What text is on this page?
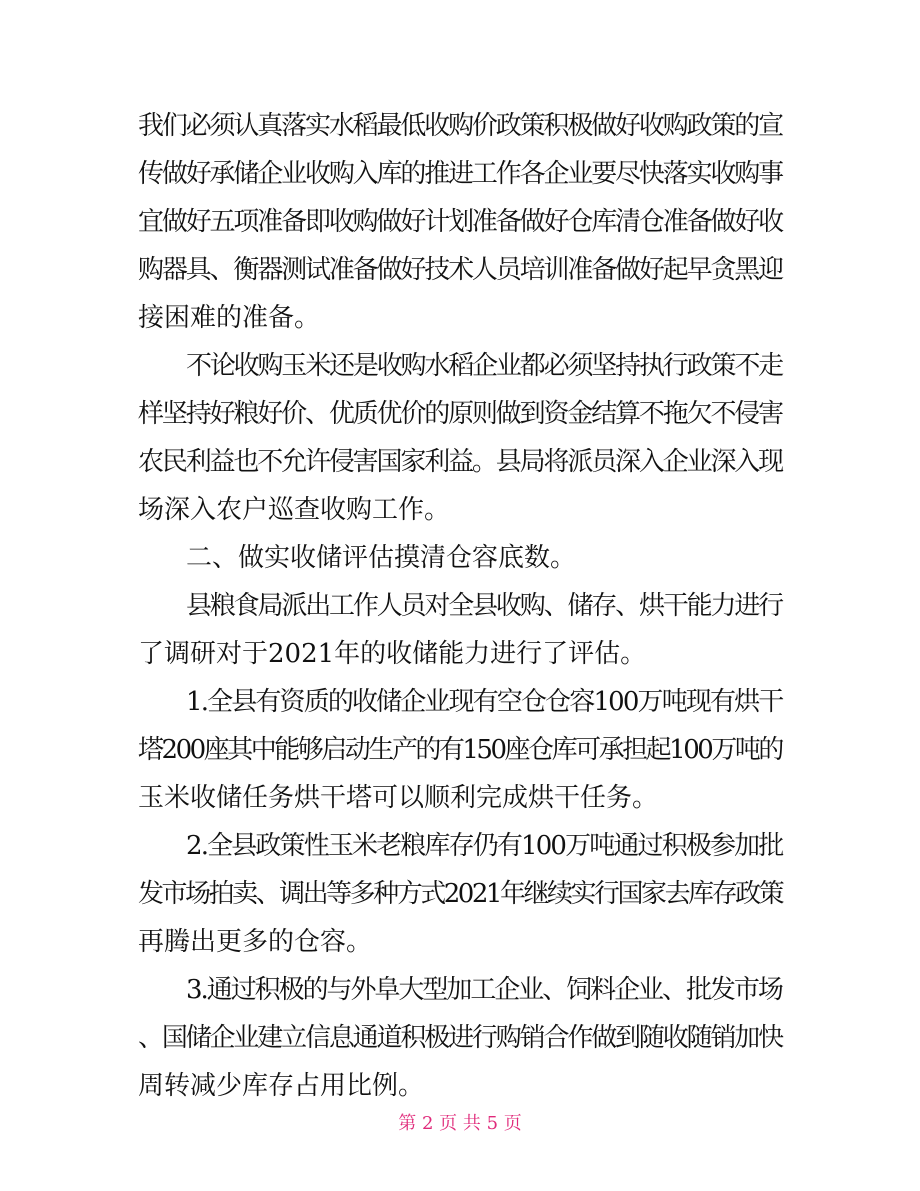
我们必须认真落实水稻最低收购价政策积极做好收购政策的宣
传做好承储企业收购入库的推进工作各企业要尽快落实收购事
宜做好五项准备即收购做好计划准备做好仓库清仓准备做好收
购器具、衡器测试准备做好技术人员培训准备做好起早贪黑迎
接困难的准备。
不论收购玉米还是收购水稻企业都必须坚持执行政策不走
样坚持好粮好价、优质优价的原则做到资金结算不拖欠不侵害
农民利益也不允许侵害国家利益。县局将派员深入企业深入现
场深入农户巡查收购工作。
二、做实收储评估摸清仓容底数。
县粮食局派出工作人员对全县收购、储存、烘干能力进行
了调研对于2021年的收储能力进行了评估。
1.全县有资质的收储企业现有空仓仓容100万吨现有烘干
塔200座其中能够启动生产的有150座仓库可承担起100万吨的
玉米收储任务烘干塔可以顺利完成烘干任务。
2.全县政策性玉米老粮库存仍有100万吨通过积极参加批
发市场拍卖、调出等多种方式2021年继续实行国家去库存政策
再腾出更多的仓容。
3.通过积极的与外阜大型加工企业、饲料企业、批发市场
、国储企业建立信息通道积极进行购销合作做到随收随销加快
周转减少库存占用比例。
第 2 页 共 5 页
